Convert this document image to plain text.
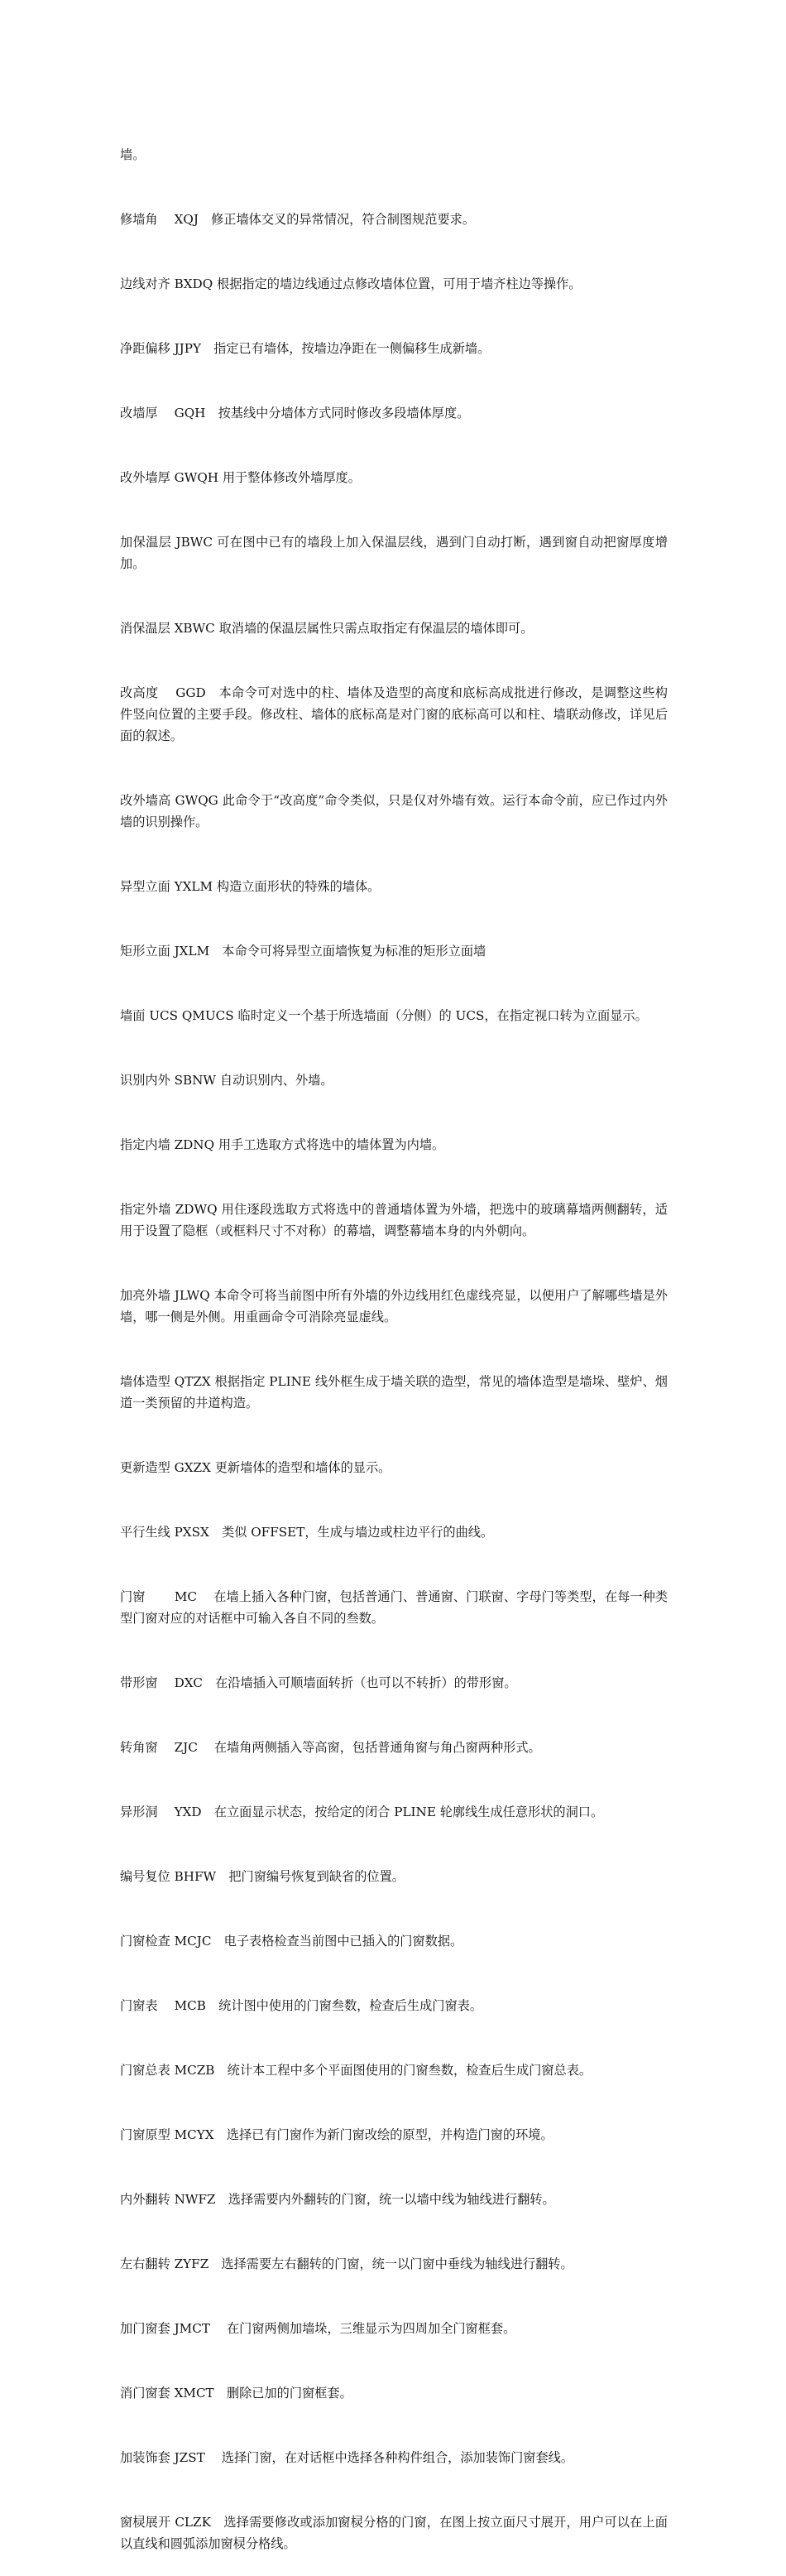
墙。

修墙角　 XQJ　修正墙体交叉的异常情况，符合制图规范要求。

边线对齐 BXDQ 根据指定的墙边线通过点修改墙体位置，可用于墙齐柱边等操作。

净距偏移 JJPY　指定已有墙体，按墙边净距在一侧偏移生成新墙。

改墙厚　 GQH　按基线中分墙体方式同时修改多段墙体厚度。

改外墙厚 GWQH 用于整体修改外墙厚度。

加保温层 JBWC 可在图中已有的墙段上加入保温层线，遇到门自动打断，遇到窗自动把窗厚度增加。

消保温层 XBWC 取消墙的保温层属性只需点取指定有保温层的墙体即可。

改高度　 GGD　本命令可对选中的柱、墙体及造型的高度和底标高成批进行修改，是调整这些构件竖向位置的主要手段。修改柱、墙体的底标高是对门窗的底标高可以和柱、墙联动修改，详见后面的叙述。

改外墙高 GWQG 此命令于“改高度”命令类似，只是仅对外墙有效。运行本命令前，应已作过内外墙的识别操作。

异型立面 YXLM 构造立面形状的特殊的墙体。

矩形立面 JXLM　本命令可将异型立面墙恢复为标准的矩形立面墙

墙面 UCS QMUCS 临时定义一个基于所选墙面（分侧）的 UCS，在指定视口转为立面显示。

识别内外 SBNW 自动识别内、外墙。

指定内墙 ZDNQ 用手工选取方式将选中的墙体置为内墙。

指定外墙 ZDWQ 用住逐段选取方式将选中的普通墙体置为外墙，把选中的玻璃幕墙两侧翻转，适用于设置了隐框（或框料尺寸不对称）的幕墙，调整幕墙本身的内外朝向。

加亮外墙 JLWQ 本命令可将当前图中所有外墙的外边线用红色虚线亮显，以便用户了解哪些墙是外墙，哪一侧是外侧。用重画命令可消除亮显虚线。

墙体造型 QTZX 根据指定 PLINE 线外框生成于墙关联的造型，常见的墙体造型是墙垛、壁炉、烟道一类预留的井道构造。

更新造型 GXZX 更新墙体的造型和墙体的显示。

平行生线 PXSX　类似 OFFSET，生成与墙边或柱边平行的曲线。

门窗　　 MC　 在墙上插入各种门窗，包括普通门、普通窗、门联窗、字母门等类型，在每一种类型门窗对应的对话框中可输入各自不同的叁数。

带形窗　 DXC　在沿墙插入可顺墙面转折（也可以不转折）的带形窗。

转角窗　 ZJC　 在墙角两侧插入等高窗，包括普通角窗与角凸窗两种形式。

异形洞　 YXD　在立面显示状态，按给定的闭合 PLINE 轮廓线生成任意形状的洞口。

编号复位 BHFW　把门窗编号恢复到缺省的位置。

门窗检查 MCJC　电子表格检查当前图中已插入的门窗数据。

门窗表　 MCB　统计图中使用的门窗叁数，检查后生成门窗表。

门窗总表 MCZB　统计本工程中多个平面图使用的门窗叁数，检查后生成门窗总表。

门窗原型 MCYX　选择已有门窗作为新门窗改绘的原型，并构造门窗的环境。

内外翻转 NWFZ　选择需要内外翻转的门窗，统一以墙中线为轴线进行翻转。

左右翻转 ZYFZ　选择需要左右翻转的门窗，统一以门窗中垂线为轴线进行翻转。

加门窗套 JMCT　 在门窗两侧加墙垛，三维显示为四周加全门窗框套。

消门窗套 XMCT　删除已加的门窗框套。

加装饰套 JZST　 选择门窗，在对话框中选择各种构件组合，添加装饰门窗套线。

窗棂展开 CLZK　选择需要修改或添加窗棂分格的门窗，在图上按立面尺寸展开，用户可以在上面以直线和圆弧添加窗棂分格线。
